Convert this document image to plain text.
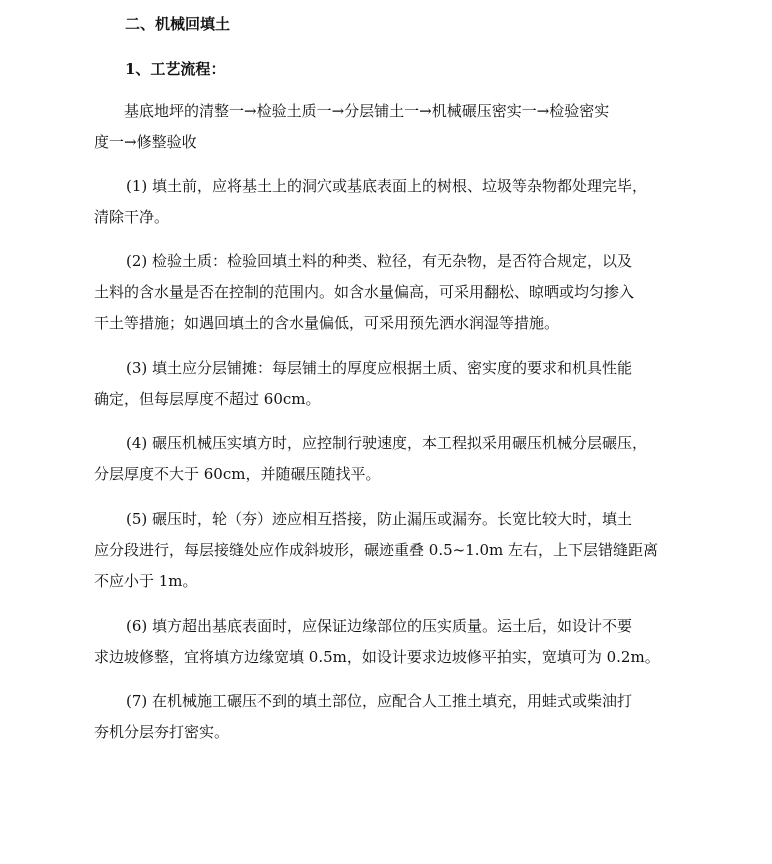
二、机械回填土
1、工艺流程：
基底地坪的清整一→检验土质一→分层铺土一→机械碾压密实一→检验密实
度一→修整验收
(1) 填土前，应将基土上的洞穴或基底表面上的树根、垃圾等杂物都处理完毕，
清除干净。
(2) 检验土质：检验回填土料的种类、粒径，有无杂物，是否符合规定，以及
土料的含水量是否在控制的范围内。如含水量偏高，可采用翻松、晾晒或均匀掺入
干土等措施；如遇回填土的含水量偏低，可采用预先洒水润湿等措施。
(3) 填土应分层铺摊：每层铺土的厚度应根据土质、密实度的要求和机具性能
确定，但每层厚度不超过 60cm。
(4) 碾压机械压实填方时，应控制行驶速度，本工程拟采用碾压机械分层碾压，
分层厚度不大于 60cm，并随碾压随找平。
(5) 碾压时，轮（夯）迹应相互搭接，防止漏压或漏夯。长宽比较大时，填土
应分段进行，每层接缝处应作成斜坡形，碾迹重叠 0.5~1.0m 左右，上下层错缝距离
不应小于 1m。
(6) 填方超出基底表面时，应保证边缘部位的压实质量。运土后，如设计不要
求边坡修整，宜将填方边缘宽填 0.5m，如设计要求边坡修平拍实，宽填可为 0.2m。
(7) 在机械施工碾压不到的填土部位，应配合人工推土填充，用蛙式或柴油打
夯机分层夯打密实。
